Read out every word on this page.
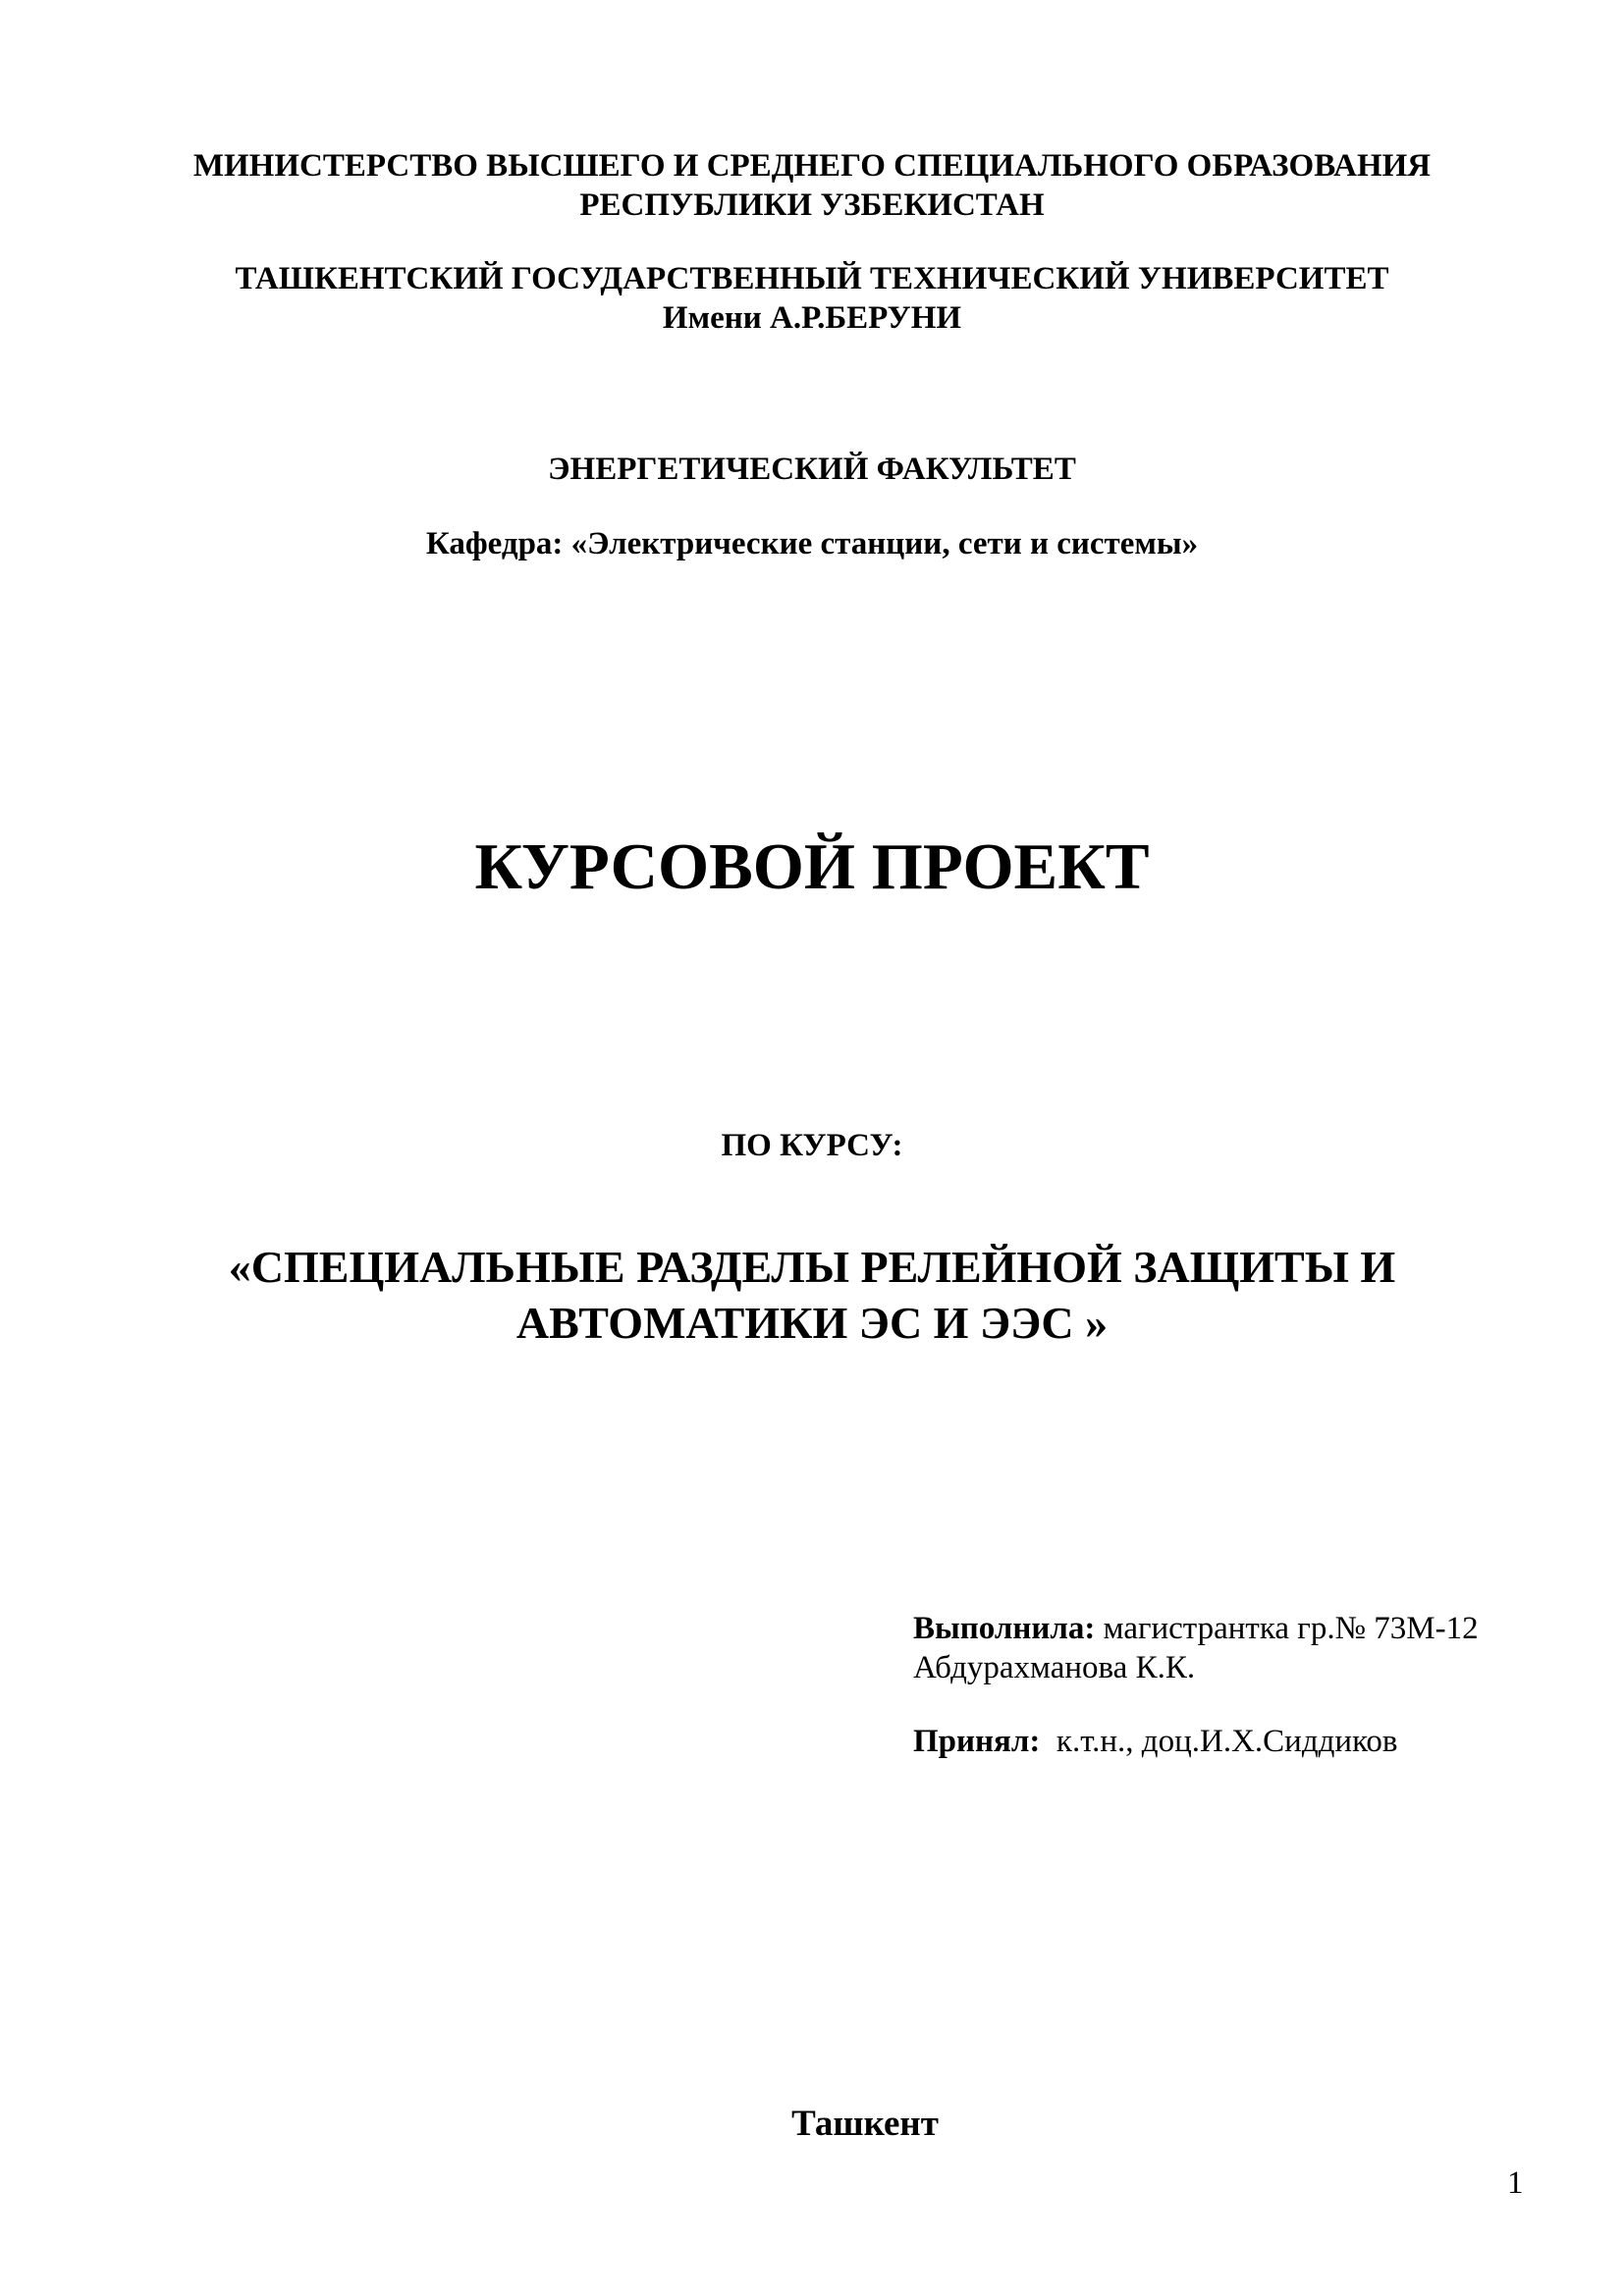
МИНИСТЕРСТВО ВЫСШЕГО И СРЕДНЕГО СПЕЦИАЛЬНОГО ОБРАЗОВАНИЯ
РЕСПУБЛИКИ УЗБЕКИСТАН
ТАШКЕНТСКИЙ ГОСУДАРСТВЕННЫЙ ТЕХНИЧЕСКИЙ УНИВЕРСИТЕТ
Имени А.Р.БЕРУНИ
ЭНЕРГЕТИЧЕСКИЙ ФАКУЛЬТЕТ
Кафедра: «Электрические станции, сети и системы»
КУРСОВОЙ ПРОЕКТ
ПО КУРСУ:
«СПЕЦИАЛЬНЫЕ РАЗДЕЛЫ РЕЛЕЙНОЙ ЗАЩИТЫ И
АВТОМАТИКИ ЭС И ЭЭС »
Выполнила: магистрантка гр.№ 73М-12
Абдурахманова К.К.
Принял:  к.т.н., доц.И.Х.Сиддиков
Ташкент
1
